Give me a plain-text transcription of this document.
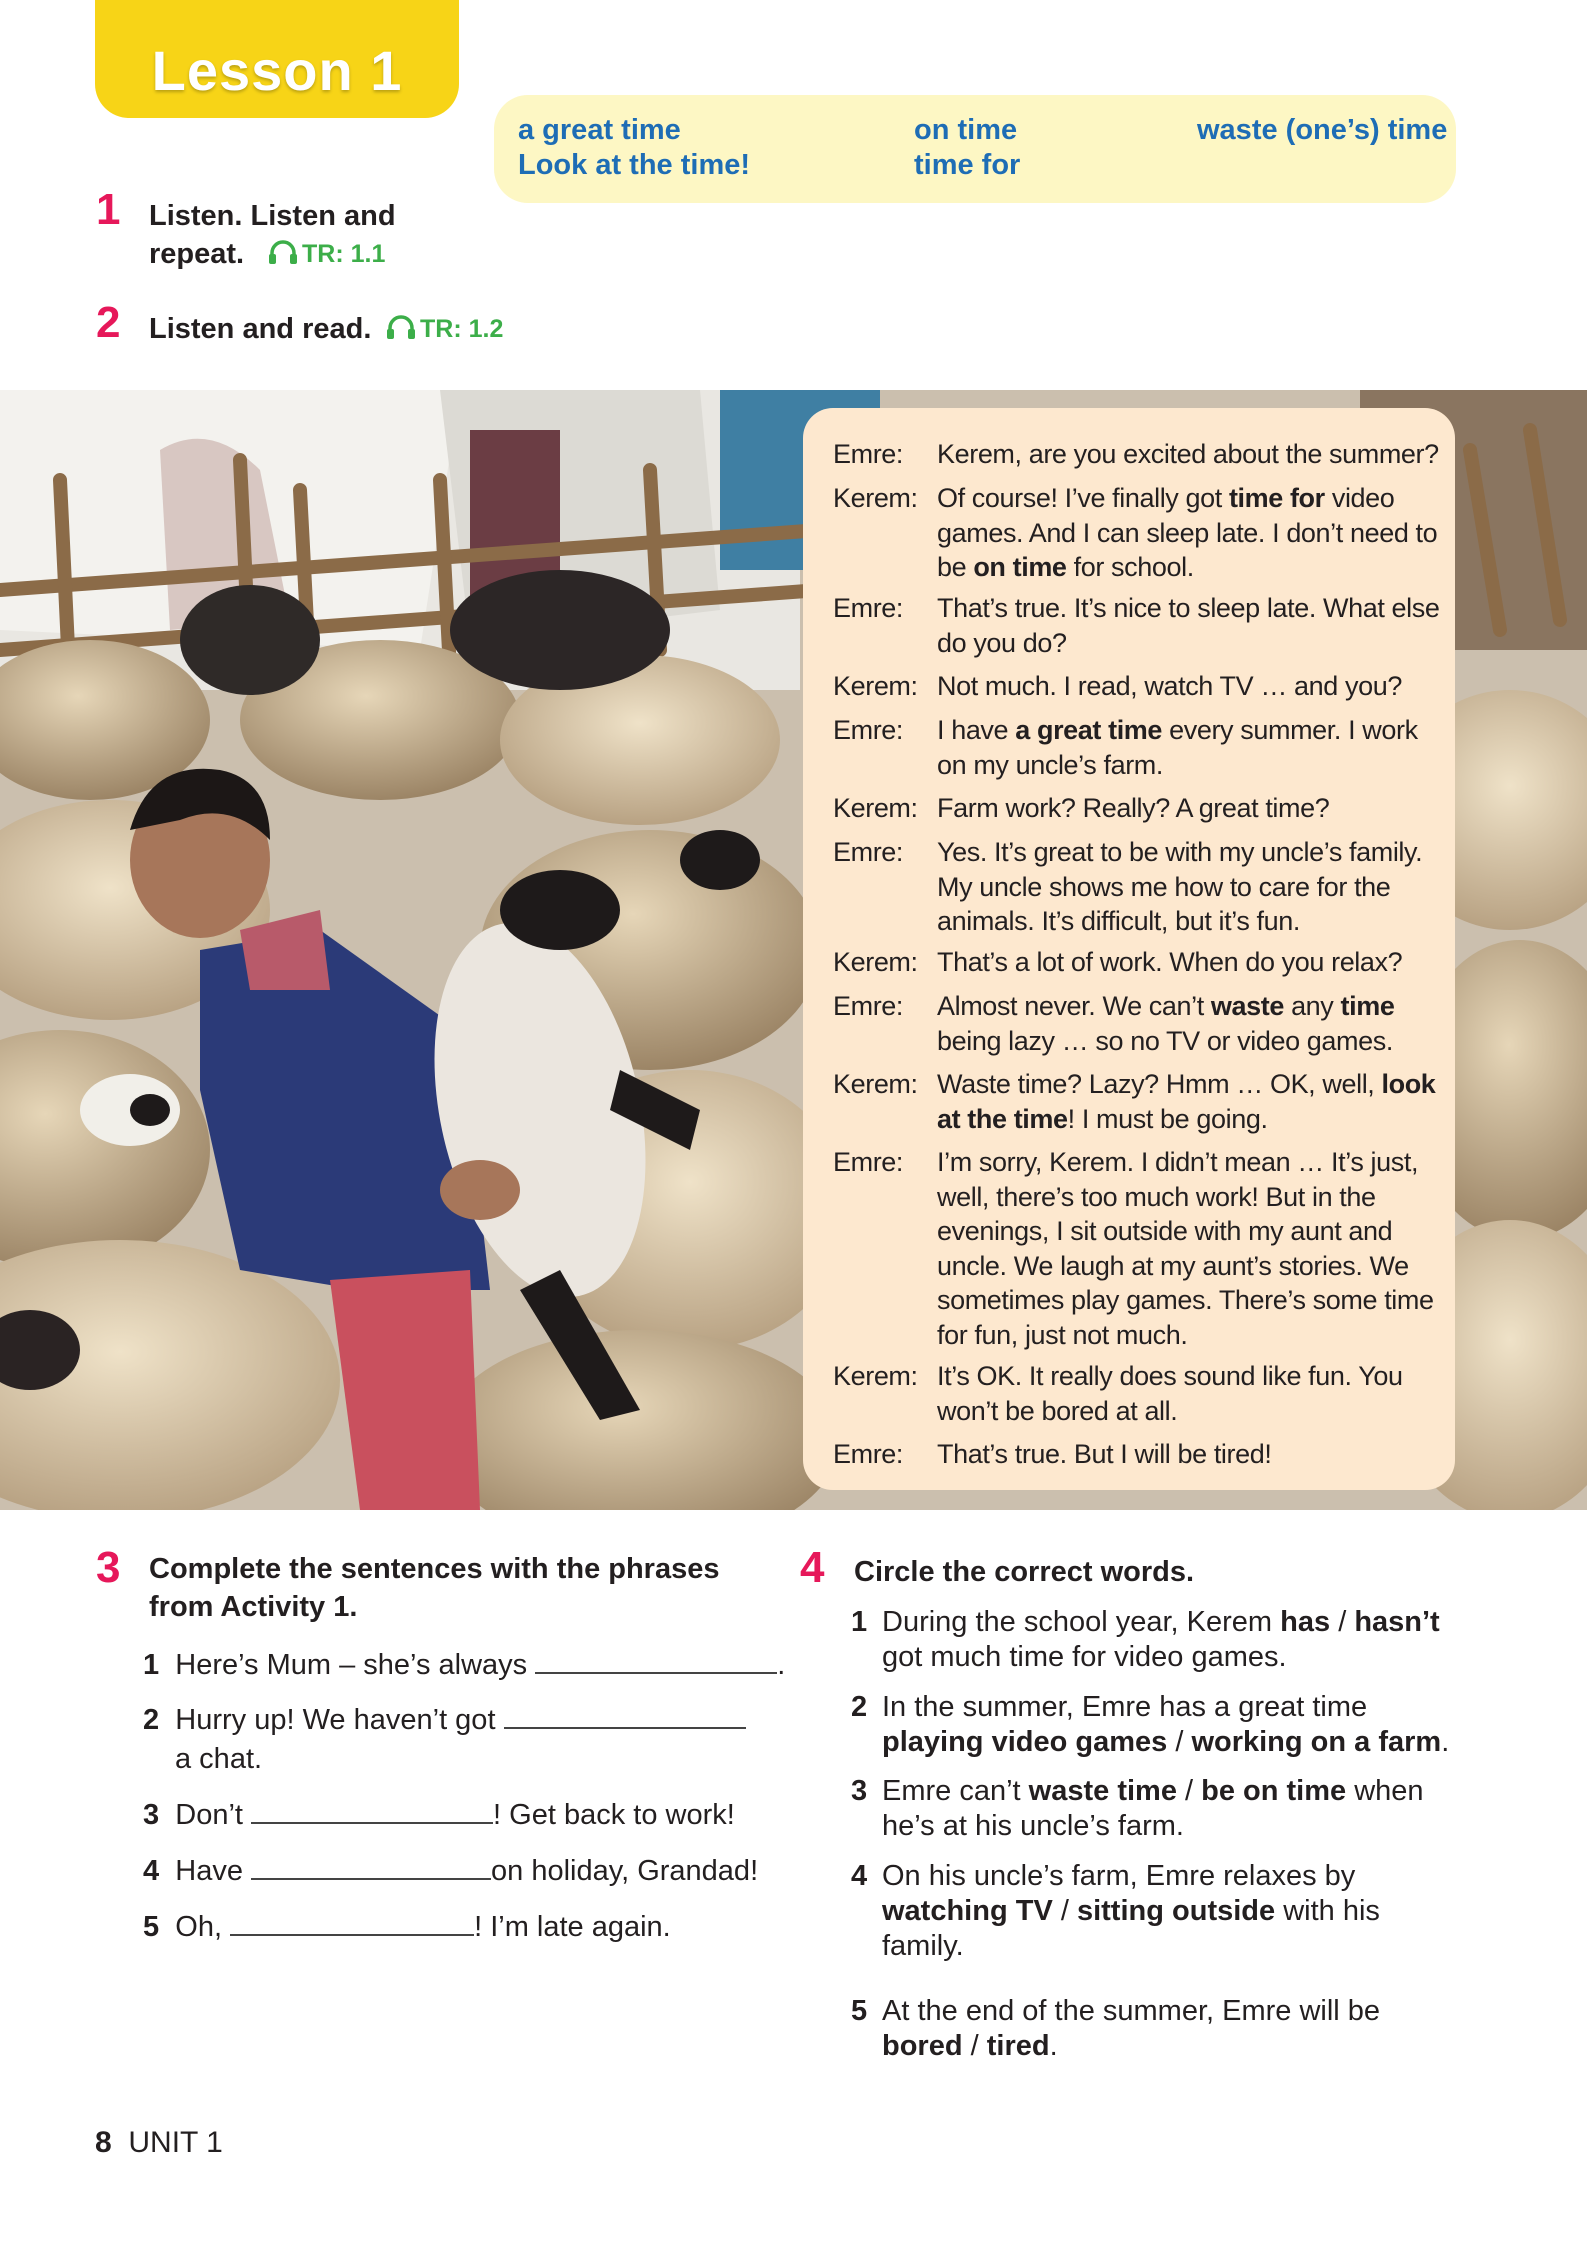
Lesson 1
a great time
Look at the time!
on time
time for
waste (one’s) time
1 Listen. Listen and
repeat.	TR: 1.1
2 Listen and read.	TR: 1.2
Emre: Kerem, are you excited about the summer?
Kerem: Of course! I’ve finally got time for video games. And I can sleep late. I don’t need to be on time for school.
Emre: That’s true. It’s nice to sleep late. What else do you do?
Kerem: Not much. I read, watch TV … and you?
Emre: I have a great time every summer. I work on my uncle’s farm.
Kerem: Farm work? Really? A great time?
Emre: Yes. It’s great to be with my uncle’s family. My uncle shows me how to care for the animals. It’s difficult, but it’s fun.
Kerem: That’s a lot of work. When do you relax?
Emre: Almost never. We can’t waste any time being lazy … so no TV or video games.
Kerem: Waste time? Lazy? Hmm … OK, well, look at the time! I must be going.
Emre: I’m sorry, Kerem. I didn’t mean … It’s just, well, there’s too much work! But in the evenings, I sit outside with my aunt and uncle. We laugh at my aunt’s stories. We sometimes play games. There’s some time for fun, just not much.
Kerem: It’s OK. It really does sound like fun. You won’t be bored at all.
Emre: That’s true. But I will be tired!
3 Complete the sentences with the phrases
from Activity 1.
1 Here’s Mum – she’s always	.
2 Hurry up! We haven’t got
a chat.
3 Don’t	! Get back to work!
4 Have	on holiday, Grandad!
5 Oh,	! I’m late again.
4 Circle the correct words.
1 During the school year, Kerem has / hasn’t
got much time for video games.
2 In the summer, Emre has a great time
playing video games / working on a farm.
3 Emre can’t waste time / be on time when
he’s at his uncle’s farm.
4 On his uncle’s farm, Emre relaxes by
watching TV / sitting outside with his
family.
5 At the end of the summer, Emre will be
bored / tired.
8 UNIT 1
